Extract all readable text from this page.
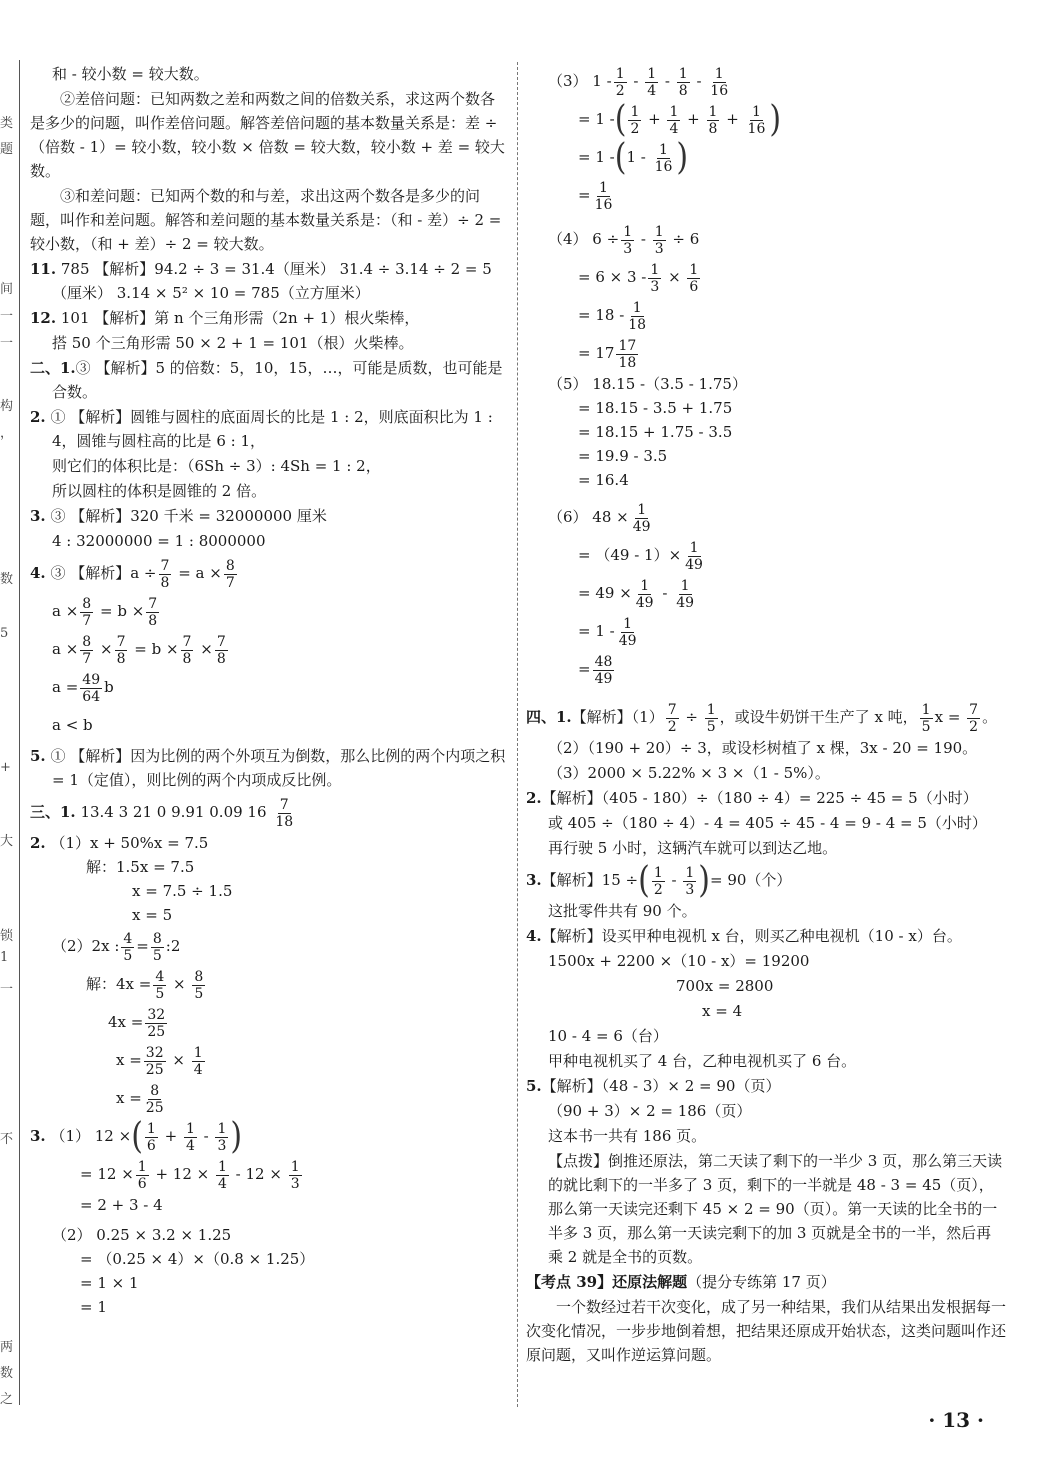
类
题
间
一
一
构
，
数
5
+
大
锁
1
一
不
两
数
之

和 - 较小数 = 较大数。

②差倍问题：已知两数之差和两数之间的倍数关系，求这两个数各是多少的问题，叫作差倍问题。解答差倍问题的基本数量关系是：差 ÷（倍数 - 1）= 较小数，较小数 × 倍数 = 较大数，较小数 + 差 = 较大数。

③和差问题：已知两个数的和与差，求出这两个数各是多少的问题，叫作和差问题。解答和差问题的基本数量关系是：（和 - 差）÷ 2 = 较小数，（和 + 差）÷ 2 = 较大数。

11. 785 【解析】94.2 ÷ 3 = 31.4（厘米） 31.4 ÷ 3.14 ÷ 2 = 5（厘米） 3.14 × 5² × 10 = 785（立方厘米）

12. 101 【解析】第 n 个三角形需（2n + 1）根火柴棒，

搭 50 个三角形需 50 × 2 + 1 = 101（根）火柴棒。

二、1.③ 【解析】5 的倍数：5，10，15，…，可能是质数，也可能是合数。

2. ① 【解析】圆锥与圆柱的底面周长的比是 1 : 2，则底面积比为 1 : 4，圆锥与圆柱高的比是 6 : 1，

则它们的体积比是：（6Sh ÷ 3）: 4Sh = 1 : 2，

所以圆柱的体积是圆锥的 2 倍。

3. ③ 【解析】320 千米 = 32000000 厘米

4 : 32000000 = 1 : 8000000

4. ③ 【解析】$a \div \frac{7}{8} = a \times \frac{8}{7}$
$a \times \frac{8}{7} = b \times \frac{7}{8}$
$a \times \frac{8}{7} \times \frac{7}{8} = b \times \frac{7}{8} \times \frac{7}{8}$
$a = \frac{49}{64}$ b
a < b

5. ① 【解析】因为比例的两个外项互为倒数，那么比例的两个内项之积 = 1（定值），则比例的两个内项成反比例。

三、1. 13.4 3 21 0 9.91 0.09 $16 \frac{7}{18}$
2. （1）x + 50%x = 7.5
解：1.5x = 7.5
x = 7.5 ÷ 1.5
x = 5
（2）2x : $\frac{4}{5} = \frac{8}{5}$ :2
解：$4x = \frac{4}{5} \times \frac{8}{5}$
$4x = \frac{32}{25}$
$x = \frac{32}{25} \times \frac{1}{4}$
$x = \frac{8}{25}$
3. （1） 12 ×( $\frac{1}{6} + \frac{1}{4} - \frac{1}{3}$ )
= $12 \times \frac{1}{6} + 12 \times \frac{1}{4} - 12 \times \frac{1}{3}$
= 2 + 3 - 4
（2） 0.25 × 3.2 × 1.25
= （0.25 × 4）×（0.8 × 1.25）
= 1 × 1
= 1
（3） $1 - \frac{1}{2} - \frac{1}{4} - \frac{1}{8} - \frac{1}{16}$
= 1 -( $\frac{1}{2} + \frac{1}{4} + \frac{1}{8} + \frac{1}{16}$ )
= 1 $-(1 - \frac{1}{16}$ )
= $\frac{1}{16}$
（4） $6 \div \frac{1}{3} - \frac{1}{3} \div 6$
= $6 \times 3 - \frac{1}{3} \times \frac{1}{6}$
= $18 - \frac{1}{18}$
= $17 \frac{17}{18}$
（5） 18.15 -（3.5 - 1.75）
= 18.15 - 3.5 + 1.75
= 18.15 + 1.75 - 3.5
= 19.9 - 3.5
= 16.4
（6） $48 \times \frac{1}{49}$
= $(49 - 1)\times \frac{1}{49}$
= $49 \times \frac{1}{49} - \frac{1}{49}$
= $1 - \frac{1}{49}$
= $\frac{48}{49}$
四、1.【解析】$(1) \frac{7}{2} \div \frac{1}{5}$ ，或设牛奶饼干生产了 x 吨， $\frac{1}{5}$ $x = \frac{7}{2}$ 。

（2）（190 + 20）÷ 3，或设杉树植了 x 棵，3x - 20 = 190。

（3）2000 × 5.22% × 3 ×（1 - 5%）。

2.【解析】（405 - 180）÷（180 ÷ 4）= 225 ÷ 45 = 5（小时）

或 405 ÷（180 ÷ 4）- 4 = 405 ÷ 45 - 4 = 9 - 4 = 5（小时）

再行驶 5 小时，这辆汽车就可以到达乙地。

3.【解析】15 ÷( $\frac{1}{2} - \frac{1}{3}$ )= 90（个）

这批零件共有 90 个。

4.【解析】设买甲种电视机 x 台，则买乙种电视机（10 - x）台。

1500x + 2200 ×（10 - x）= 19200

700x = 2800

x = 4

10 - 4 = 6（台）

甲种电视机买了 4 台，乙种电视机买了 6 台。

5.【解析】（48 - 3）× 2 = 90（页）

（90 + 3）× 2 = 186（页）

这本书一共有 186 页。

【点拨】倒推还原法，第二天读了剩下的一半少 3 页，那么第三天读的就比剩下的一半多了 3 页，剩下的一半就是 48 - 3 = 45（页），那么第一天读完还剩下 45 × 2 = 90（页）。第一天读的比全书的一半多 3 页，那么第一天读完剩下的加 3 页就是全书的一半，然后再乘 2 就是全书的页数。

【考点 39】还原法解题（提分专练第 17 页）

一个数经过若干次变化，成了另一种结果，我们从结果出发根据每一次变化情况，一步步地倒着想，把结果还原成开始状态，这类问题叫作还原问题，又叫作逆运算问题。

· 13 ·
